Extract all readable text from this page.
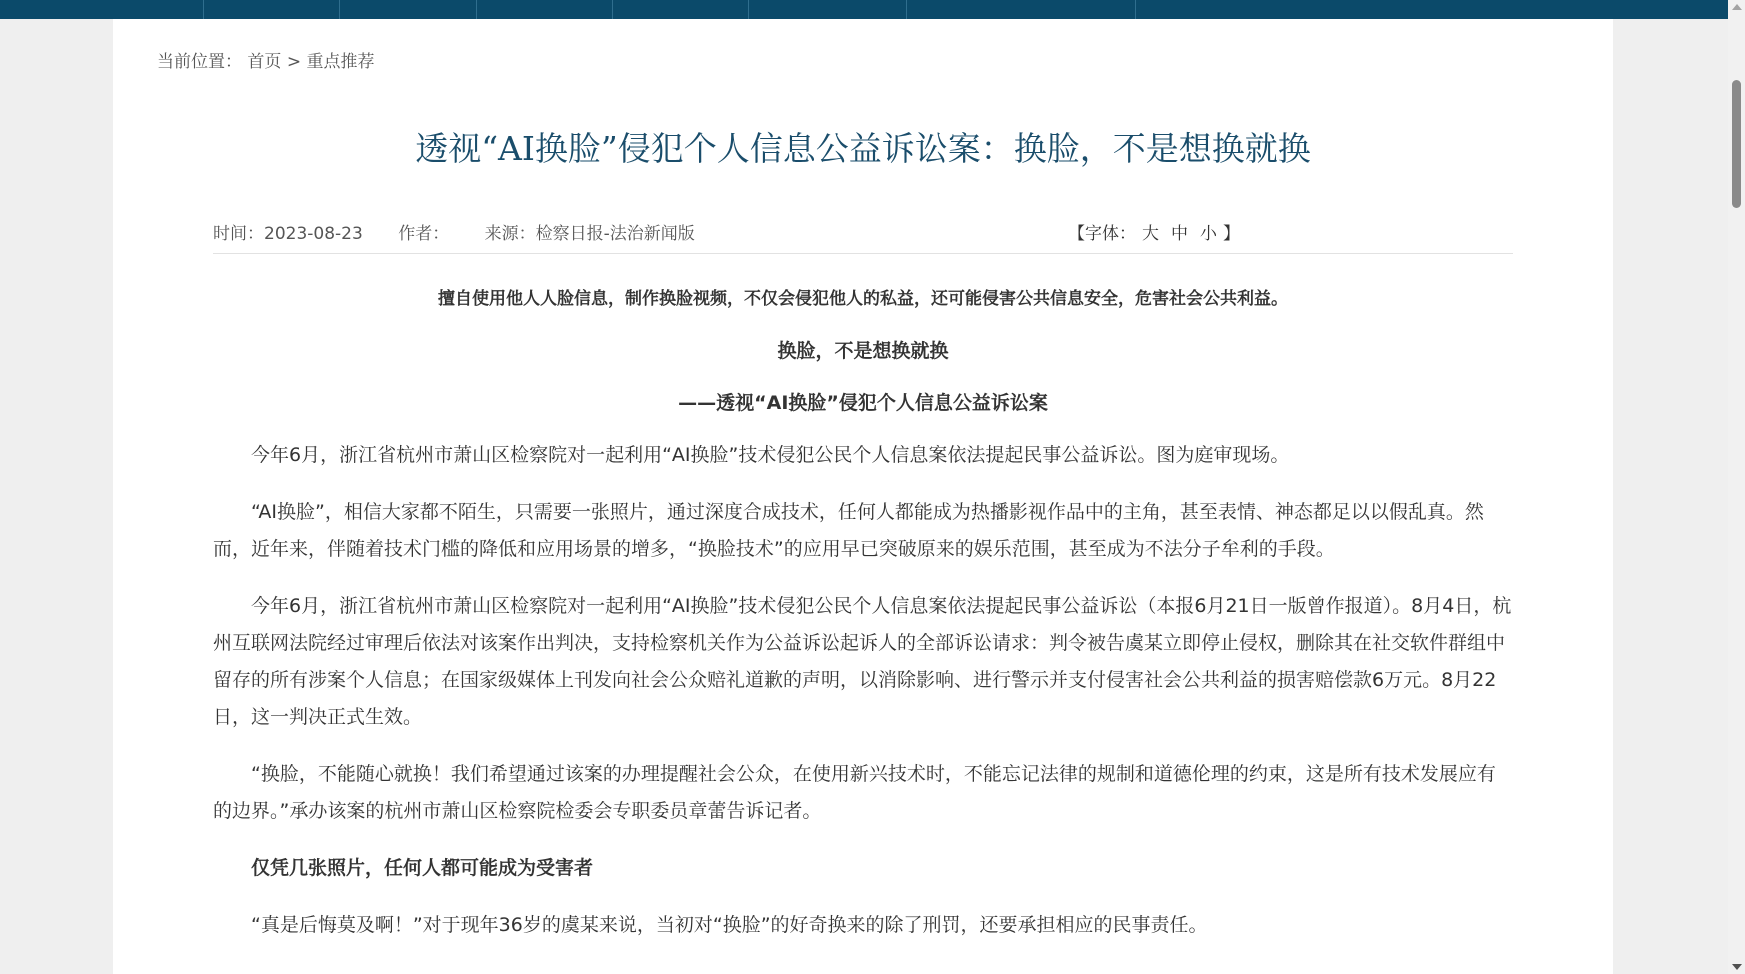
当前位置： 首页 > 重点推荐
透视“AI换脸”侵犯个人信息公益诉讼案：换脸，不是想换就换
时间：2023-08-23 作者： 来源：检察日报-法治新闻版	【字体： 大 中 小 】

擅自使用他人人脸信息，制作换脸视频，不仅会侵犯他人的私益，还可能侵害公共信息安全，危害社会公共利益。

换脸，不是想换就换

——透视“AI换脸”侵犯个人信息公益诉讼案

今年6月，浙江省杭州市萧山区检察院对一起利用“AI换脸”技术侵犯公民个人信息案依法提起民事公益诉讼。图为庭审现场。

“AI换脸”，相信大家都不陌生，只需要一张照片，通过深度合成技术，任何人都能成为热播影视作品中的主角，甚至表情、神态都足以以假乱真。然而，近年来，伴随着技术门槛的降低和应用场景的增多，“换脸技术”的应用早已突破原来的娱乐范围，甚至成为不法分子牟利的手段。

今年6月，浙江省杭州市萧山区检察院对一起利用“AI换脸”技术侵犯公民个人信息案依法提起民事公益诉讼（本报6月21日一版曾作报道）。8月4日，杭州互联网法院经过审理后依法对该案作出判决，支持检察机关作为公益诉讼起诉人的全部诉讼请求：判令被告虞某立即停止侵权，删除其在社交软件群组中留存的所有涉案个人信息；在国家级媒体上刊发向社会公众赔礼道歉的声明，以消除影响、进行警示并支付侵害社会公共利益的损害赔偿款6万元。8月22日，这一判决正式生效。

“换脸，不能随心就换！我们希望通过该案的办理提醒社会公众，在使用新兴技术时，不能忘记法律的规制和道德伦理的约束，这是所有技术发展应有的边界。”承办该案的杭州市萧山区检察院检委会专职委员章蕾告诉记者。

仅凭几张照片，任何人都可能成为受害者

“真是后悔莫及啊！”对于现年36岁的虞某来说，当初对“换脸”的好奇换来的除了刑罚，还要承担相应的民事责任。
